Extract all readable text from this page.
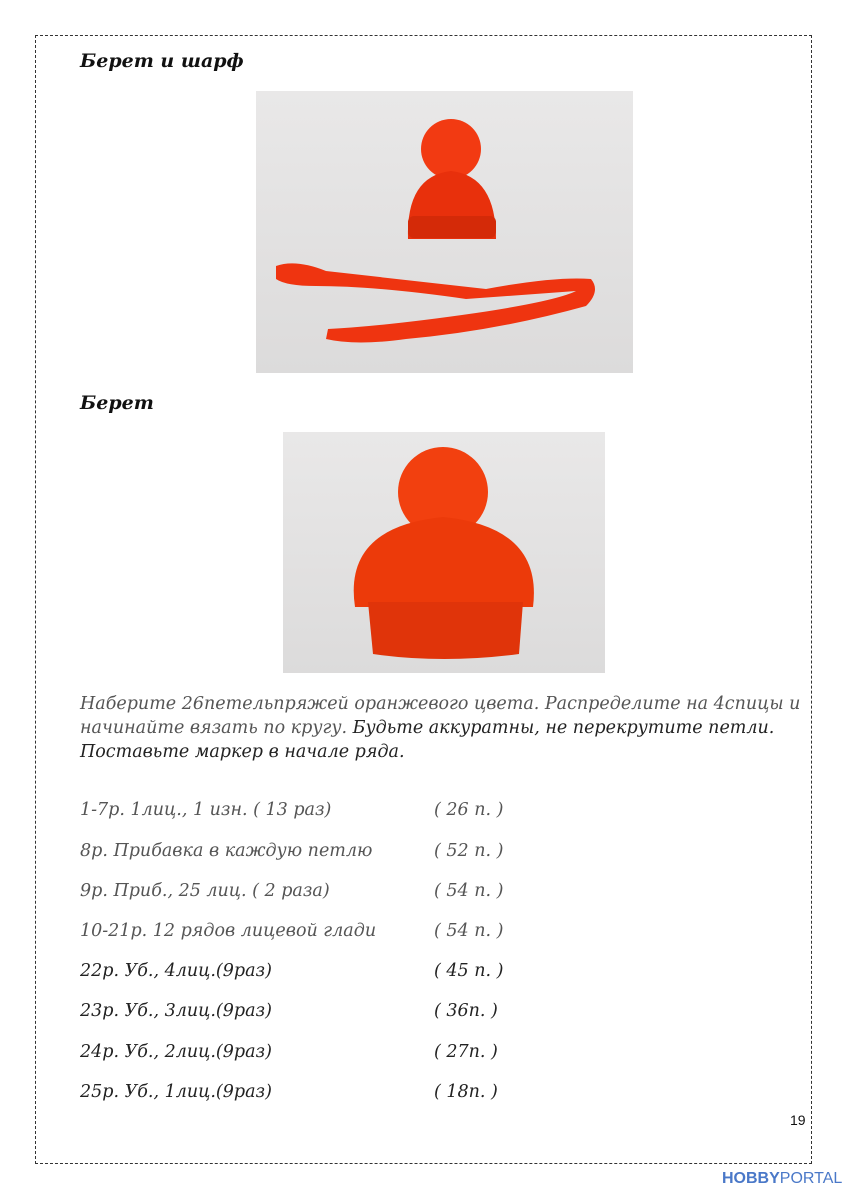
Берет и шарф
Берет
Наберите 26петельпряжей оранжевого цвета. Распределите на 4спицы и начинайте вязать по кругу. Будьте аккуратны, не перекрутите петли. Поставьте маркер в начале ряда.
1-7р. 1лиц., 1 изн. ( 13 раз)	( 26 п. )
8р. Прибавка в каждую петлю	( 52 п. )
9р. Приб., 25 лиц. ( 2 раза)	( 54 п. )
10-21р. 12 рядов лицевой глади	( 54 п. )
22р. Уб., 4лиц.(9раз)	( 45 п. )
23р. Уб., 3лиц.(9раз)	( 36п. )
24р. Уб., 2лиц.(9раз)	( 27п. )
25р. Уб., 1лиц.(9раз)	( 18п. )
19
HOBBYPORTAL
